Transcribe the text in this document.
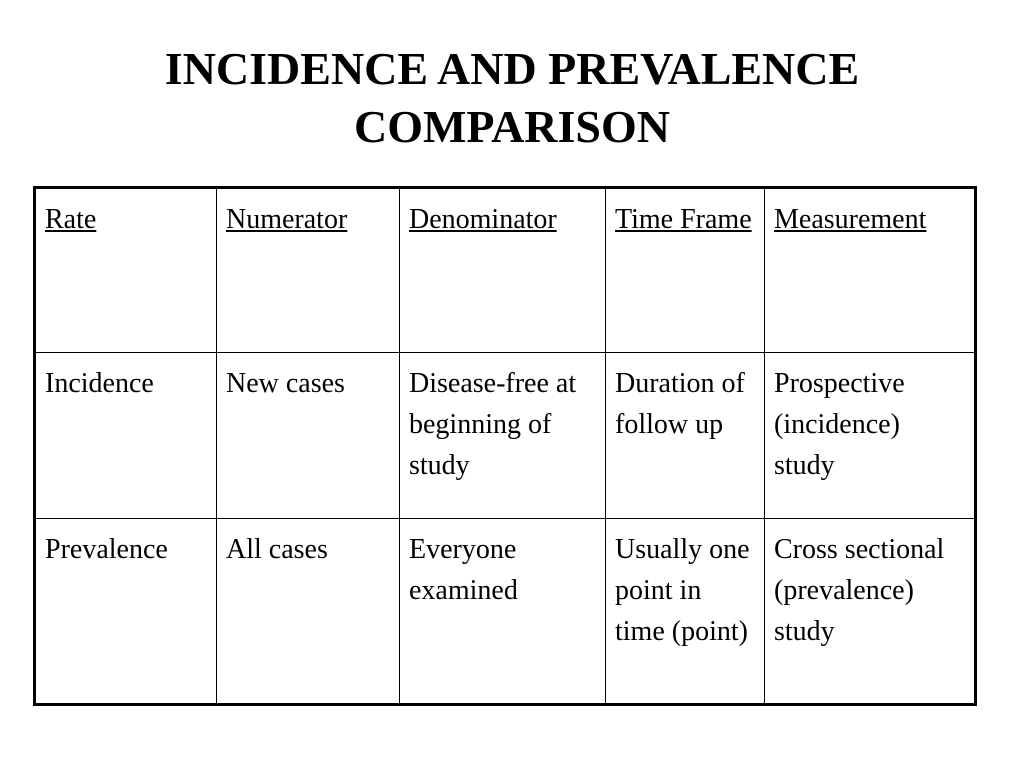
INCIDENCE AND PREVALENCE
COMPARISON
Rate	Numerator	Denominator	Time Frame	Measurement
Incidence	New cases	Disease-free at beginning of study	Duration of follow up	Prospective (incidence) study
Prevalence	All cases	Everyone examined	Usually one point in time (point)	Cross sectional (prevalence) study
